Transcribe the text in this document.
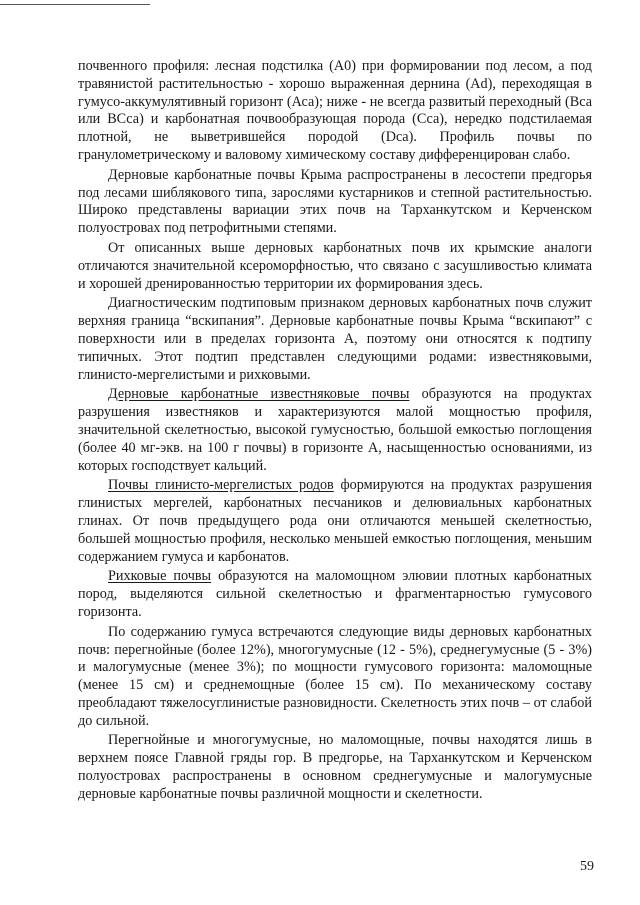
почвенного профиля: лесная подстилка (А0) при формировании под лесом, а под травянистой растительностью - хорошо выраженная дернина (Аd), переходящая в гумусо-аккумулятивный горизонт (Аса); ниже - не всегда развитый переходный (Вса или ВСса) и карбонатная почвообразующая порода (Сса), нередко подстилаемая плотной, не выветрившейся породой (Dca). Профиль почвы по гранулометрическому и валовому химическому составу дифференцирован слабо.

Дерновые карбонатные почвы Крыма распространены в лесостепи предгорья под лесами шиблякового типа, зарослями кустарников и степной растительностью. Широко представлены вариации этих почв на Тарханкутском и Керченском полуостровах под петрофитными степями.

От описанных выше дерновых карбонатных почв их крымские аналоги отличаются значительной ксероморфностью, что связано с засушливостью климата и хорошей дренированностью территории их формирования здесь.

Диагностическим подтиповым признаком дерновых карбонатных почв служит верхняя граница “вскипания”. Дерновые карбонатные почвы Крыма “вскипают” с поверхности или в пределах горизонта А, поэтому они относятся к подтипу типичных. Этот подтип представлен следующими родами: известняковыми, глинисто-мергелистыми и рихковыми.

Дерновые карбонатные известняковые почвы образуются на продуктах разрушения известняков и характеризуются малой мощностью профиля, значительной скелетностью, высокой гумусностью, большой емкостью поглощения (более 40 мг-экв. на 100 г почвы) в горизонте А, насыщенностью основаниями, из которых господствует кальций.

Почвы глинисто-мергелистых родов формируются на продуктах разрушения глинистых мергелей, карбонатных песчаников и делювиальных карбонатных глинах. От почв предыдущего рода они отличаются меньшей скелетностью, большей мощностью профиля, несколько меньшей емкостью поглощения, меньшим содержанием гумуса и карбонатов.

Рихковые почвы образуются на маломощном элювии плотных карбонатных пород, выделяются сильной скелетностью и фрагментарностью гумусового горизонта.

По содержанию гумуса встречаются следующие виды дерновых карбонатных почв: перегнойные (более 12%), многогумусные (12 - 5%), среднегумусные (5 - 3%) и малогумусные (менее 3%); по мощности гумусового горизонта: маломощные (менее 15 см) и среднемощные (более 15 см). По механическому составу преобладают тяжелосуглинистые разновидности. Скелетность этих почв – от слабой до сильной.

Перегнойные и многогумусные, но маломощные, почвы находятся лишь в верхнем поясе Главной гряды гор. В предгорье, на Тарханкутском и Керченском полуостровах распространены в основном среднегумусные и малогумусные дерновые карбонатные почвы различной мощности и скелетности.

59
